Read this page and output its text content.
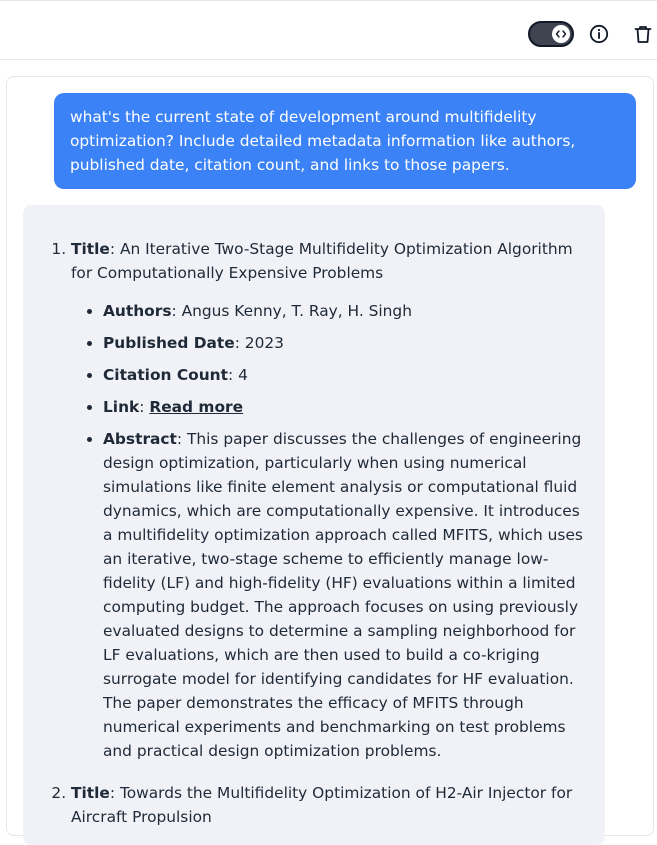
what's the current state of development around multifidelity optimization? Include detailed metadata information like authors, published date, citation count, and links to those papers.
1. Title: An Iterative Two-Stage Multifidelity Optimization Algorithm for Computationally Expensive Problems
• Authors: Angus Kenny, T. Ray, H. Singh
• Published Date: 2023
• Citation Count: 4
• Link: Read more
• Abstract: This paper discusses the challenges of engineering design optimization, particularly when using numerical simulations like finite element analysis or computational fluid dynamics, which are computationally expensive. It introduces a multifidelity optimization approach called MFITS, which uses an iterative, two-stage scheme to efficiently manage low-fidelity (LF) and high-fidelity (HF) evaluations within a limited computing budget. The approach focuses on using previously evaluated designs to determine a sampling neighborhood for LF evaluations, which are then used to build a co-kriging surrogate model for identifying candidates for HF evaluation. The paper demonstrates the efficacy of MFITS through numerical experiments and benchmarking on test problems and practical design optimization problems.
2. Title: Towards the Multifidelity Optimization of H2-Air Injector for Aircraft Propulsion
